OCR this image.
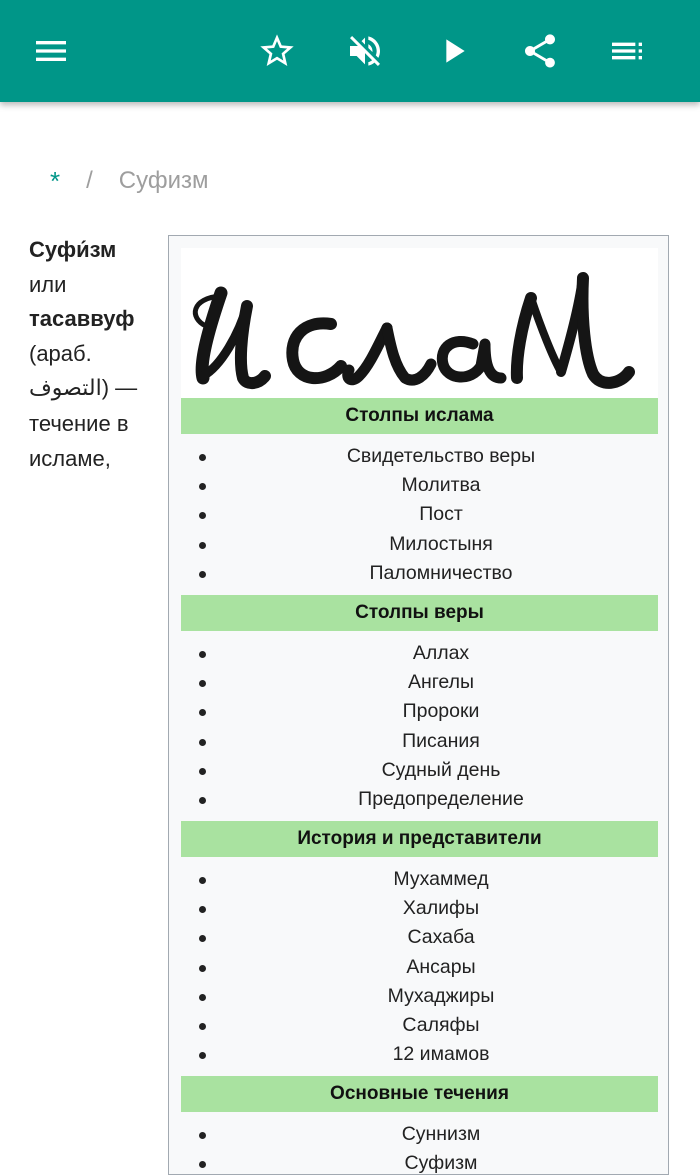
* / Суфизм
Суфи́зм
или
тасаввуф
(араб.
التصوف) —
течение в исламе,
Столпы ислама
Свидетельство веры
Молитва
Пост
Милостыня
Паломничество
Столпы веры
Аллах
Ангелы
Пророки
Писания
Судный день
Предопределение
История и представители
Мухаммед
Халифы
Сахаба
Ансары
Мухаджиры
Саляфы
12 имамов
Основные течения
Суннизм
Суфизм
